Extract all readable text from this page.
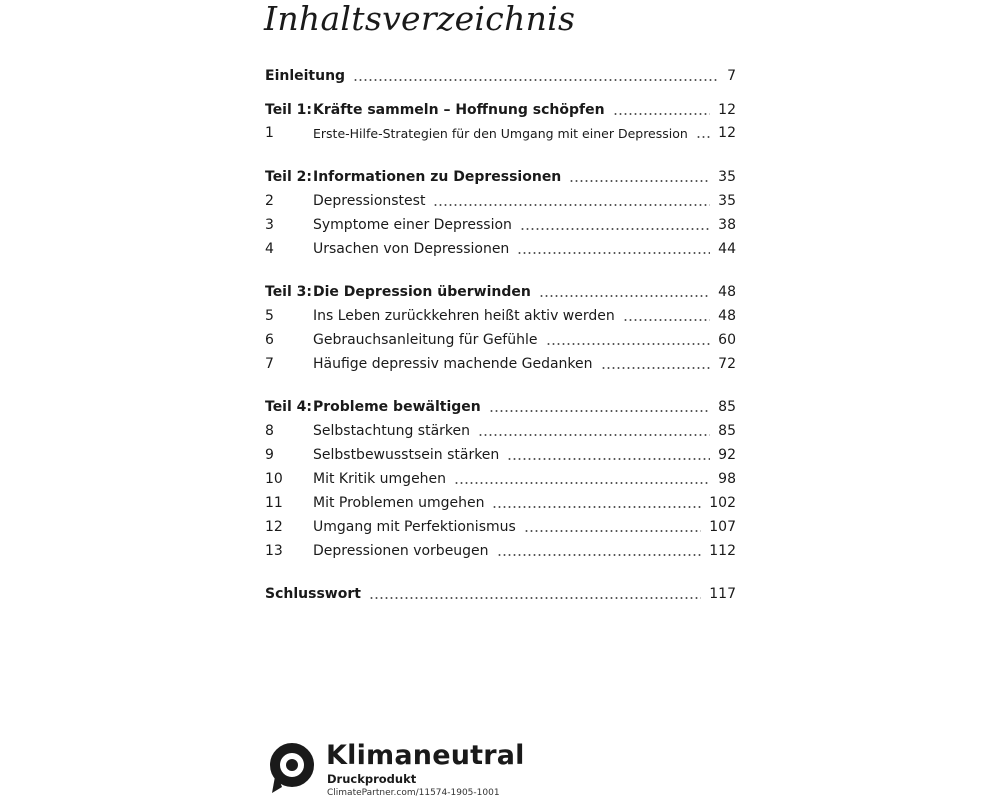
Inhaltsverzeichnis
Einleitung	7
Teil 1: Kräfte sammeln – Hoffnung schöpfen	12
1	Erste-Hilfe-Strategien für den Umgang mit einer Depression 12
Teil 2: Informationen zu Depressionen	35
2	Depressionstest	35
3	Symptome einer Depression	38
4	Ursachen von Depressionen	44
Teil 3: Die Depression überwinden	48
5	Ins Leben zurückkehren heißt aktiv werden	48
6	Gebrauchsanleitung für Gefühle	60
7	Häufige depressiv machende Gedanken	72
Teil 4: Probleme bewältigen	85
8	Selbstachtung stärken	85
9	Selbstbewusstsein stärken	92
10	Mit Kritik umgehen	98
11	Mit Problemen umgehen	102
12	Umgang mit Perfektionismus	107
13	Depressionen vorbeugen	112
Schlusswort	117
Klimaneutral
Druckprodukt
ClimatePartner.com/11574-1905-1001
